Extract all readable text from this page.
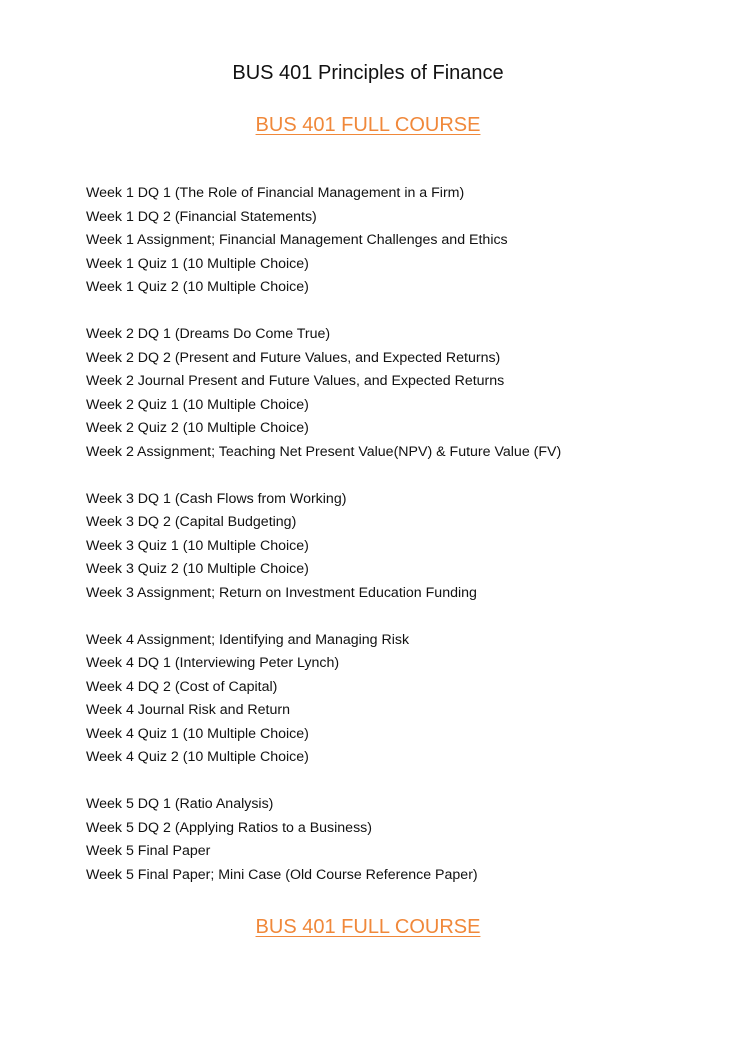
BUS 401 Principles of Finance
BUS 401 FULL COURSE
Week 1 DQ 1 (The Role of Financial Management in a Firm)
Week 1 DQ 2 (Financial Statements)
Week 1 Assignment; Financial Management Challenges and Ethics
Week 1 Quiz 1 (10 Multiple Choice)
Week 1 Quiz 2 (10 Multiple Choice)
Week 2 DQ 1 (Dreams Do Come True)
Week 2 DQ 2 (Present and Future Values, and Expected Returns)
Week 2 Journal Present and Future Values, and Expected Returns
Week 2 Quiz 1 (10 Multiple Choice)
Week 2 Quiz 2 (10 Multiple Choice)
Week 2 Assignment; Teaching Net Present Value(NPV) & Future Value (FV)
Week 3 DQ 1 (Cash Flows from Working)
Week 3 DQ 2 (Capital Budgeting)
Week 3 Quiz 1 (10 Multiple Choice)
Week 3 Quiz 2 (10 Multiple Choice)
Week 3 Assignment; Return on Investment Education Funding
Week 4 Assignment; Identifying and Managing Risk
Week 4 DQ 1 (Interviewing Peter Lynch)
Week 4 DQ 2 (Cost of Capital)
Week 4 Journal Risk and Return
Week 4 Quiz 1 (10 Multiple Choice)
Week 4 Quiz 2 (10 Multiple Choice)
Week 5 DQ 1 (Ratio Analysis)
Week 5 DQ 2 (Applying Ratios to a Business)
Week 5 Final Paper
Week 5 Final Paper; Mini Case (Old Course Reference Paper)
BUS 401 FULL COURSE
